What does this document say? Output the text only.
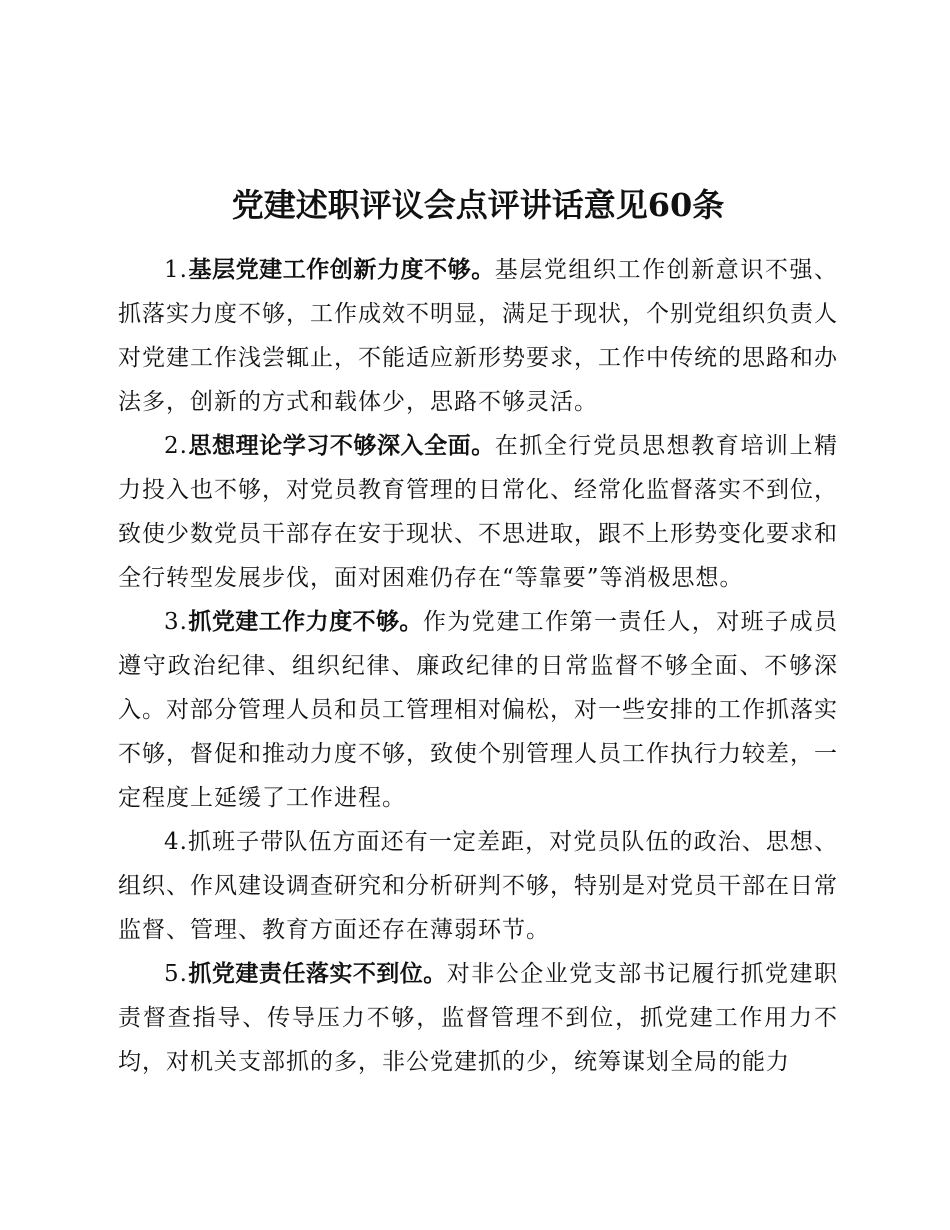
党建述职评议会点评讲话意见60条

1.基层党建工作创新力度不够。基层党组织工作创新意识不强、抓落实力度不够，工作成效不明显，满足于现状，个别党组织负责人对党建工作浅尝辄止，不能适应新形势要求，工作中传统的思路和办法多，创新的方式和载体少，思路不够灵活。

2.思想理论学习不够深入全面。在抓全行党员思想教育培训上精力投入也不够，对党员教育管理的日常化、经常化监督落实不到位，致使少数党员干部存在安于现状、不思进取，跟不上形势变化要求和全行转型发展步伐，面对困难仍存在“等靠要”等消极思想。

3.抓党建工作力度不够。作为党建工作第一责任人，对班子成员遵守政治纪律、组织纪律、廉政纪律的日常监督不够全面、不够深入。对部分管理人员和员工管理相对偏松，对一些安排的工作抓落实不够，督促和推动力度不够，致使个别管理人员工作执行力较差，一定程度上延缓了工作进程。

4.抓班子带队伍方面还有一定差距，对党员队伍的政治、思想、组织、作风建设调查研究和分析研判不够，特别是对党员干部在日常监督、管理、教育方面还存在薄弱环节。

5.抓党建责任落实不到位。对非公企业党支部书记履行抓党建职责督查指导、传导压力不够，监督管理不到位，抓党建工作用力不均，对机关支部抓的多，非公党建抓的少，统筹谋划全局的能力
